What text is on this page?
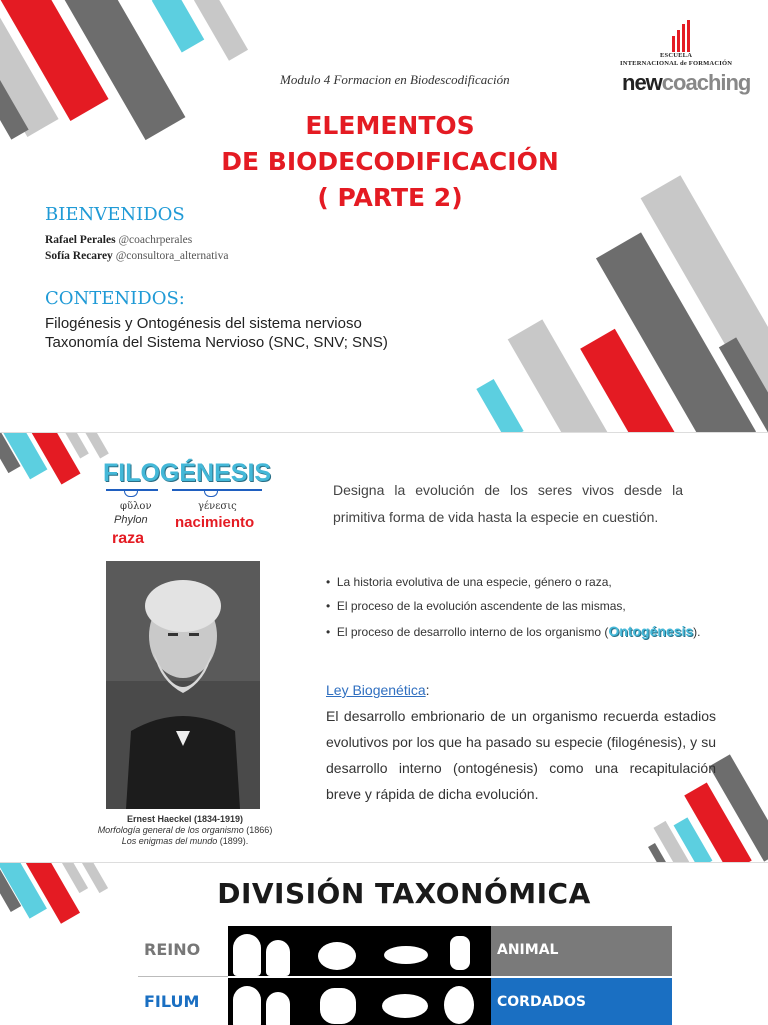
Modulo 4 Formacion en Biodescodificación
ESCUELA
INTERNACIONAL de FORMACIÓN
newcoaching
ELEMENTOS
DE BIODECODIFICACIÓN
( PARTE 2)
BIENVENIDOS
Rafael Perales @coachrperales
Sofía Recarey @consultora_alternativa
CONTENIDOS:
Filogénesis y Ontogénesis del sistema nervioso
Taxonomía del Sistema Nervioso (SNC, SNV; SNS)
FILOGÉNESIS
φῦλον	γένεσις
Phylon nacimiento
raza
Ernest Haeckel (1834-1919)
Morfología general de los organismo (1866)
Los enigmas del mundo (1899).
Designa la evolución de los seres vivos desde la primitiva forma de vida hasta la especie en cuestión.
•  La historia evolutiva de una especie, género o raza,
•  El proceso de la evolución ascendente de las mismas,
•  El proceso de desarrollo interno de los organismo (Ontogénesis).
Ley Biogenética:
El desarrollo embrionario de un organismo recuerda estadios evolutivos por los que ha pasado su especie (filogénesis), y su desarrollo interno (ontogénesis) como una recapitulación breve y rápida de dicha evolución.
DIVISIÓN TAXONÓMICA
REINO	ANIMAL
FILUM	CORDADOS
